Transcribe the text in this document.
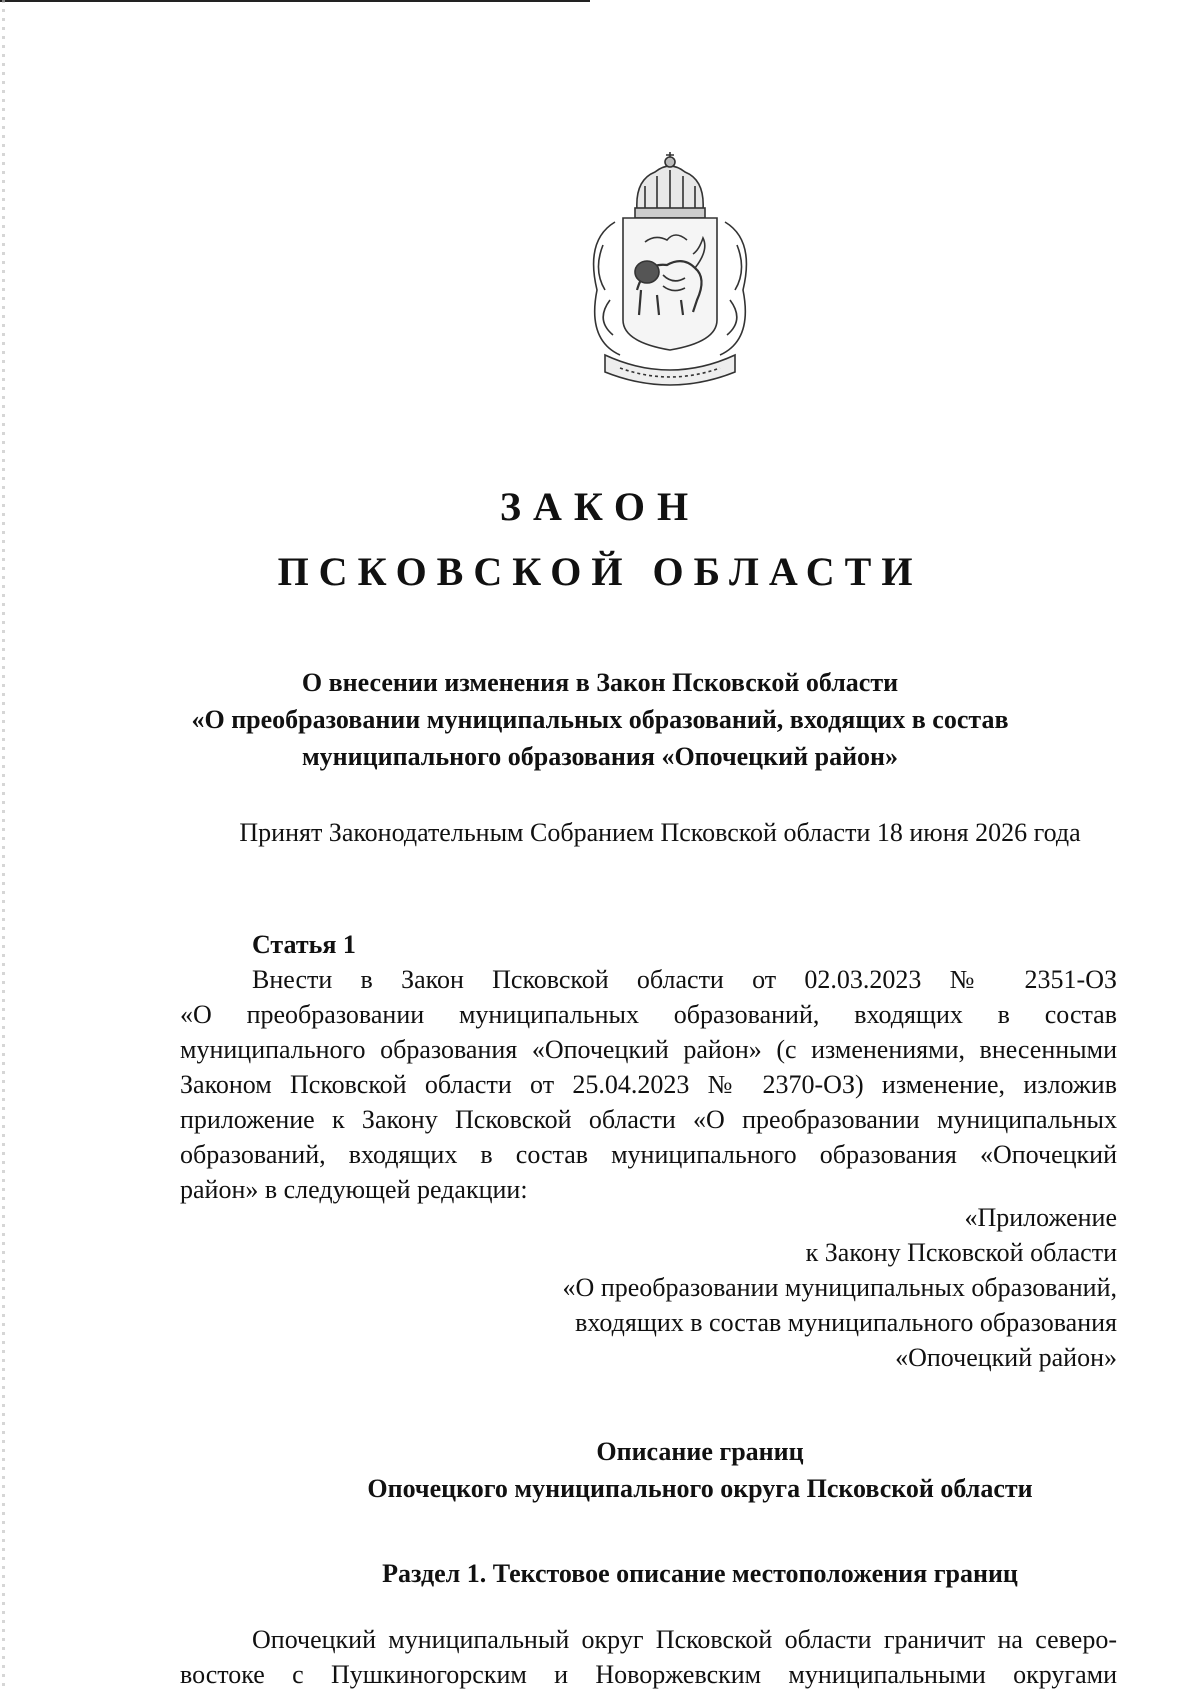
ЗАКОН
ПСКОВСКОЙ ОБЛАСТИ
О внесении изменения в Закон Псковской области
«О преобразовании муниципальных образований, входящих в состав
муниципального образования «Опочецкий район»
Принят Законодательным Собранием Псковской области 18 июня 2026 года
Статья 1
Внести в Закон Псковской области от 02.03.2023 № 2351-ОЗ
«О преобразовании муниципальных образований, входящих в состав
муниципального образования «Опочецкий район» (с изменениями, внесенными
Законом Псковской области от 25.04.2023 № 2370-ОЗ) изменение, изложив
приложение к Закону Псковской области «О преобразовании муниципальных
образований, входящих в состав муниципального образования «Опочецкий
район» в следующей редакции:
«Приложение
к Закону Псковской области
«О преобразовании муниципальных образований,
входящих в состав муниципального образования
«Опочецкий район»
Описание границ
Опочецкого муниципального округа Псковской области
Раздел 1. Текстовое описание местоположения границ
Опочецкий муниципальный округ Псковской области граничит на северо-
востоке с Пушкиногорским и Новоржевским муниципальными округами
